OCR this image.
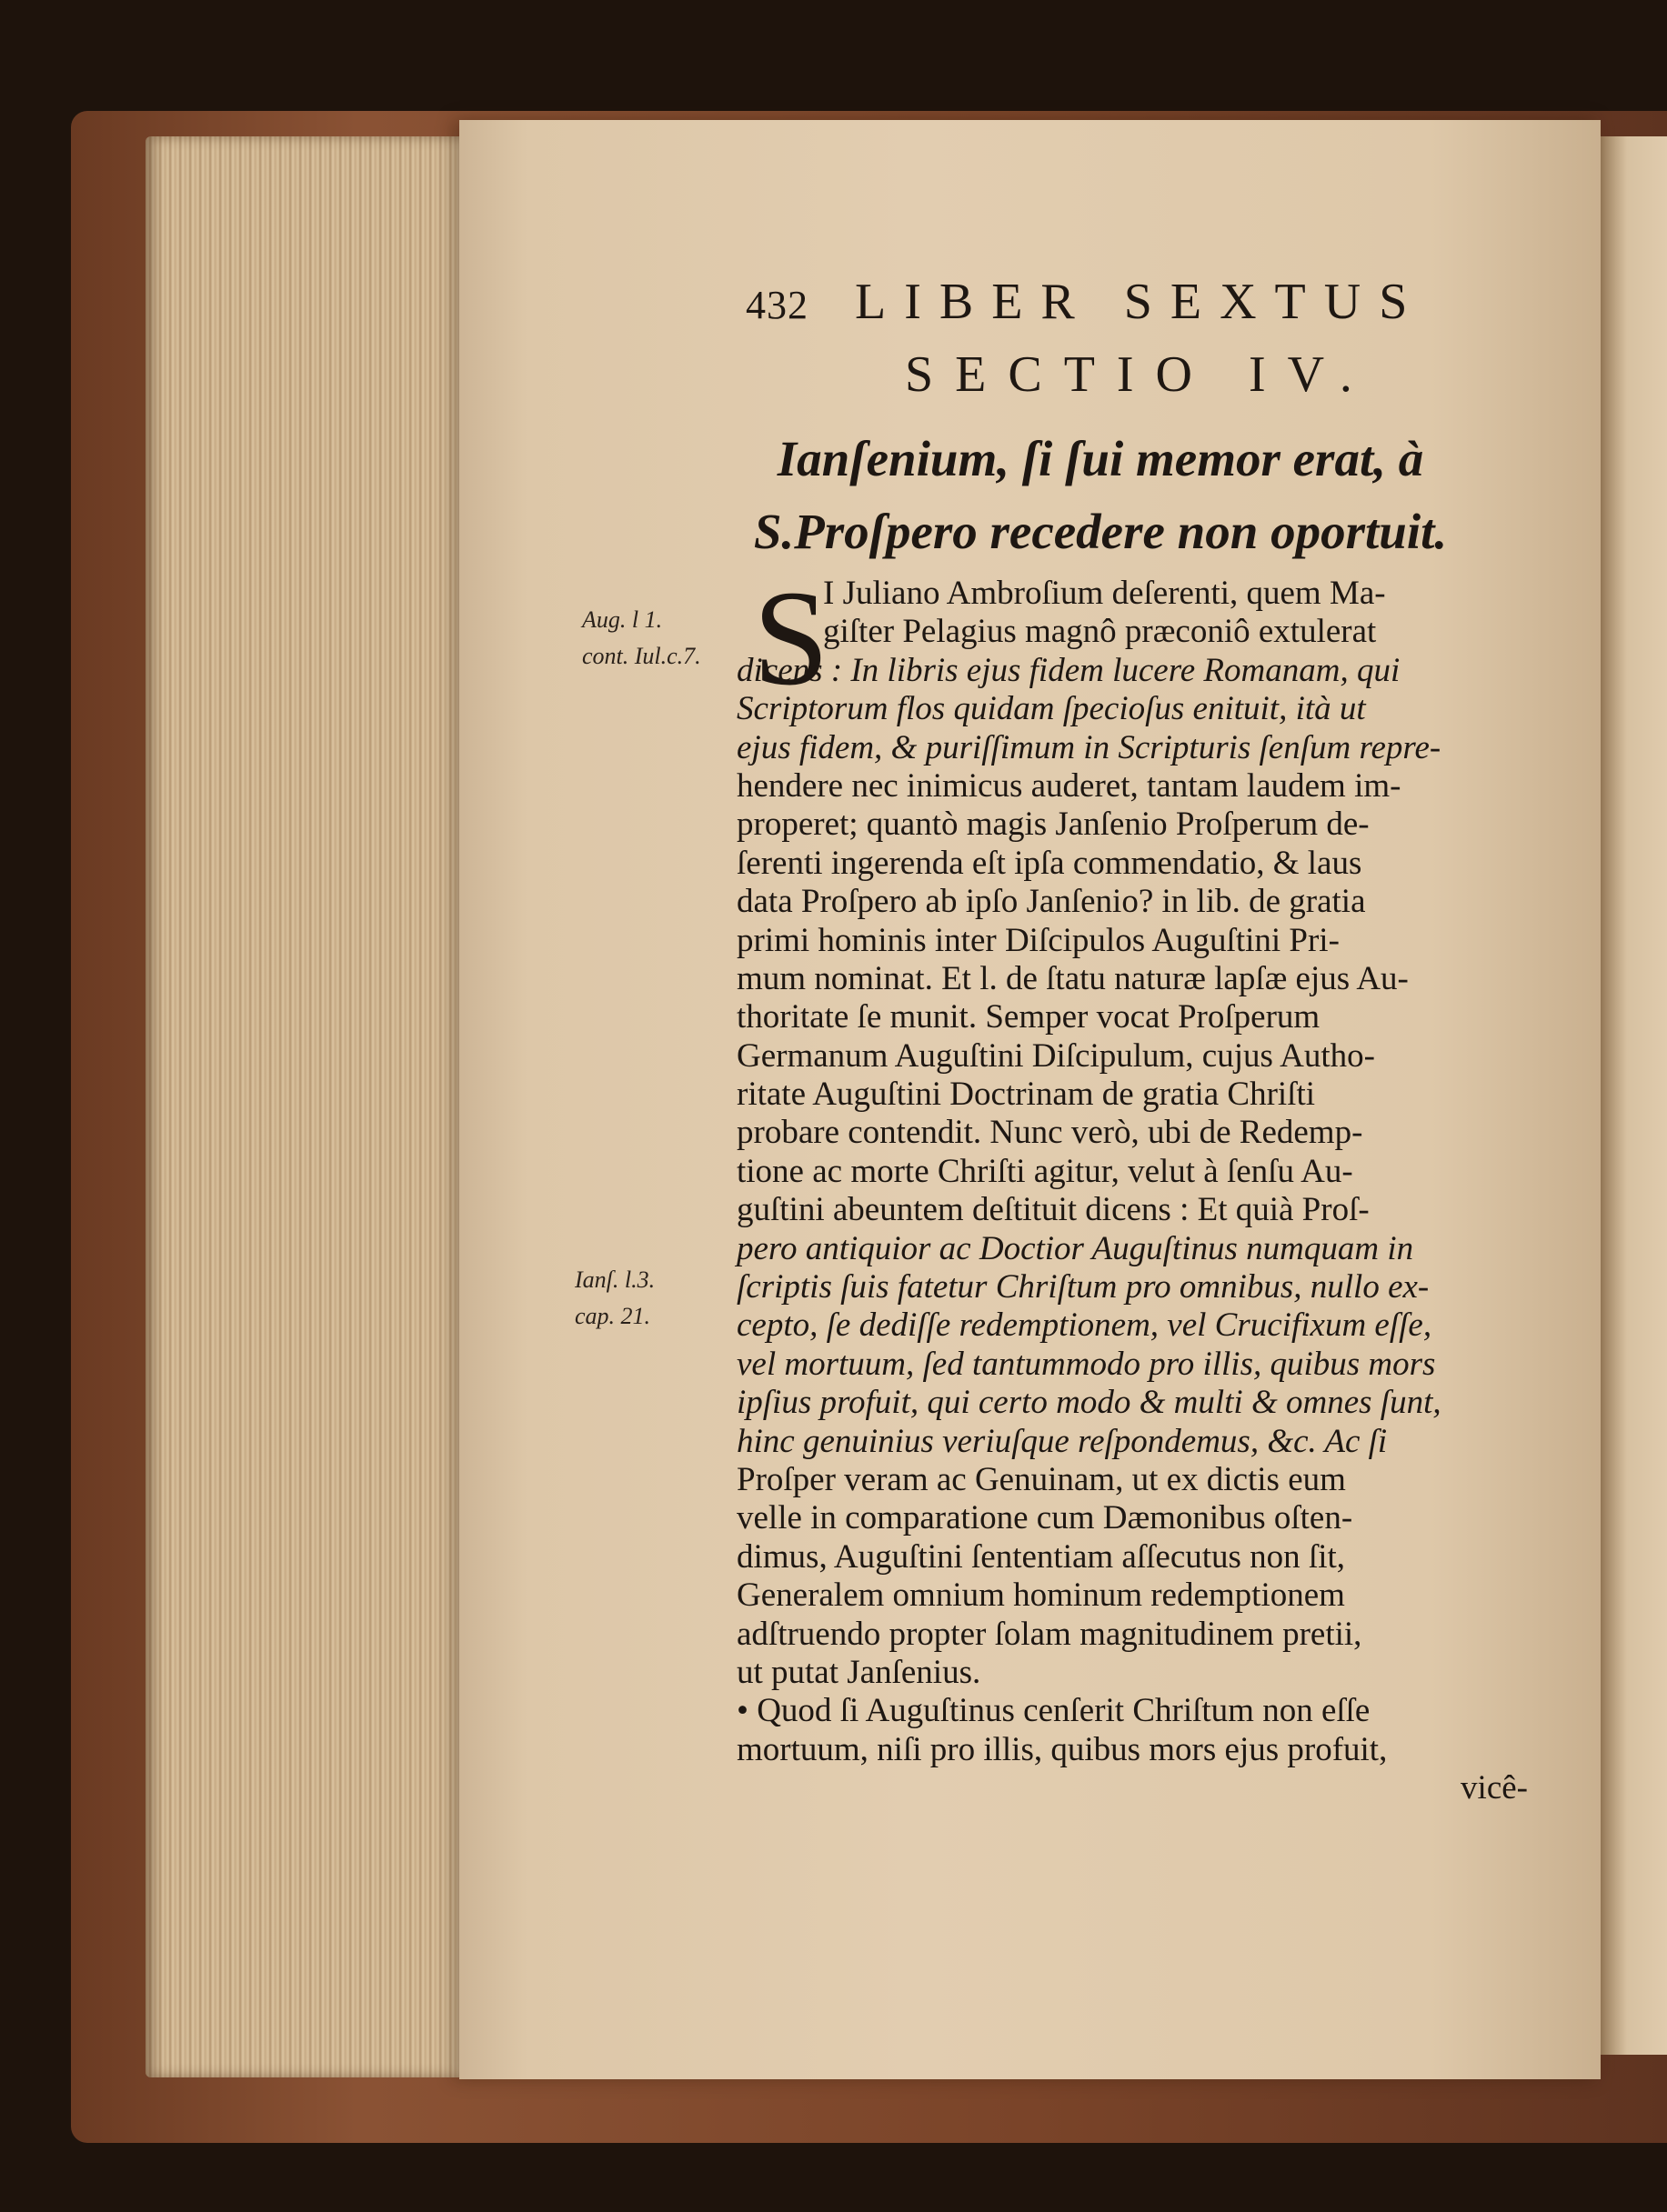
432 LIBER SEXTUS
SECTIO IV.
Ianſenium, ſi ſui memor erat, à
S.Proſpero recedere non oportuit.
Aug. l 1.
cont. Iul.c.7.
Ianſ. l.3.
cap. 21.
S
I Juliano Ambroſium deſerenti, quem Ma-
giſter Pelagius magnô præconiô extulerat
dicens : In libris ejus fidem lucere Romanam, qui
Scriptorum flos quidam ſpecioſus enituit, ità ut
ejus fidem, & puriſſimum in Scripturis ſenſum repre-
hendere nec inimicus auderet, tantam laudem im-
properet; quantò magis Janſenio Proſperum de-
ſerenti ingerenda eſt ipſa commendatio, & laus
data Proſpero ab ipſo Janſenio? in lib. de gratia
primi hominis inter Diſcipulos Auguſtini Pri-
mum nominat. Et l. de ſtatu naturæ lapſæ ejus Au-
thoritate ſe munit. Semper vocat Proſperum
Germanum Auguſtini Diſcipulum, cujus Autho-
ritate Auguſtini Doctrinam de gratia Chriſti
probare contendit. Nunc verò, ubi de Redemp-
tione ac morte Chriſti agitur, velut à ſenſu Au-
guſtini abeuntem deſtituit dicens : Et quià Proſ-
pero antiquior ac Doctior Auguſtinus numquam in
ſcriptis ſuis fatetur Chriſtum pro omnibus, nullo ex-
cepto, ſe dediſſe redemptionem, vel Crucifixum eſſe,
vel mortuum, ſed tantummodo pro illis, quibus mors
ipſius profuit, qui certo modo & multi & omnes ſunt,
hinc genuinius veriuſque reſpondemus, &c. Ac ſi
Proſper veram ac Genuinam, ut ex dictis eum
velle in comparatione cum Dæmonibus oſten-
dimus, Auguſtini ſententiam aſſecutus non ſit,
Generalem omnium hominum redemptionem
adſtruendo propter ſolam magnitudinem pretii,
ut putat Janſenius.
• Quod ſi Auguſtinus cenſerit Chriſtum non eſſe
mortuum, niſi pro illis, quibus mors ejus profuit,
vicê-
